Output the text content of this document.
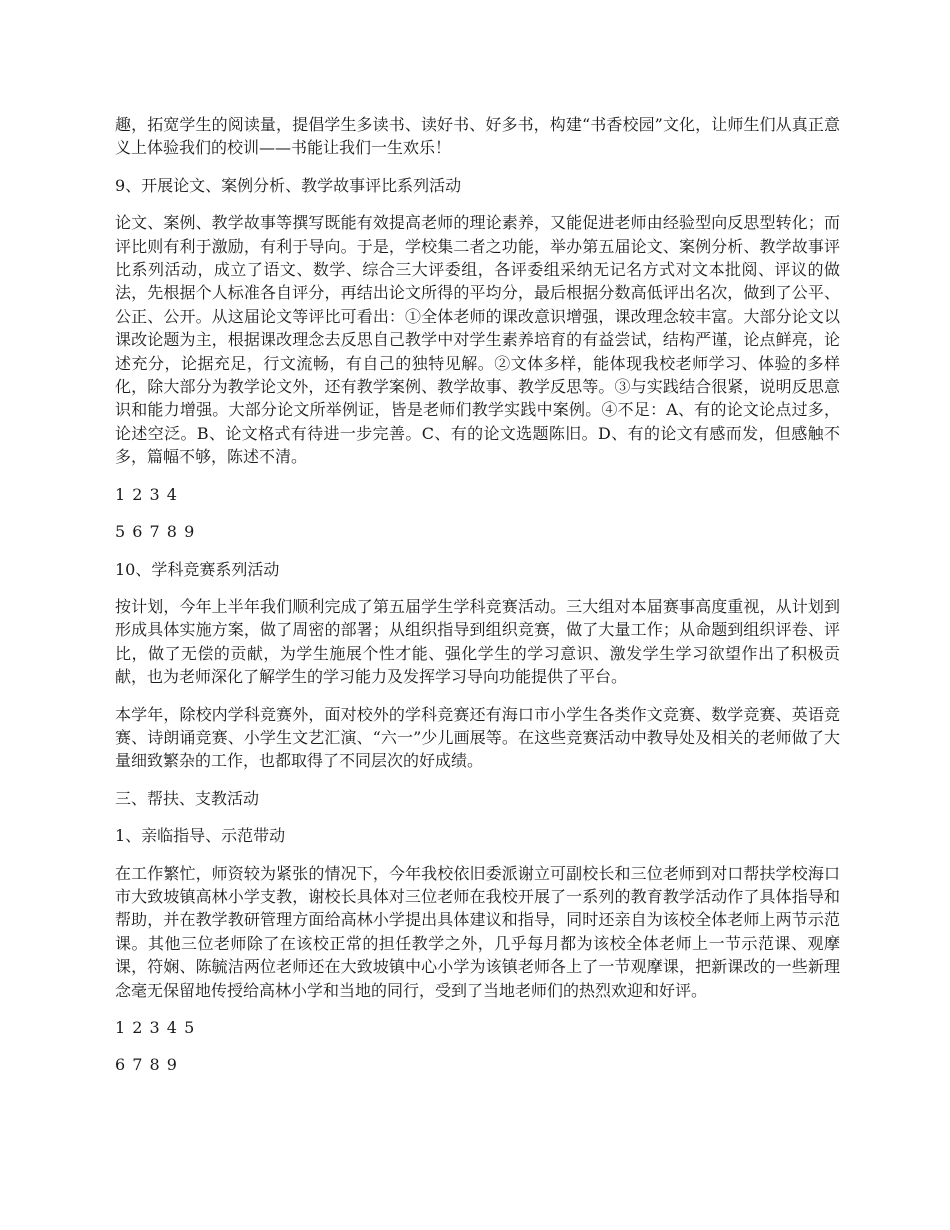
趣，拓宽学生的阅读量，提倡学生多读书、读好书、好多书，构建“书香校园”文化，让师生们从真正意义上体验我们的校训——书能让我们一生欢乐！

9、开展论文、案例分析、教学故事评比系列活动

论文、案例、教学故事等撰写既能有效提高老师的理论素养，又能促进老师由经验型向反思型转化；而评比则有利于激励，有利于导向。于是，学校集二者之功能，举办第五届论文、案例分析、教学故事评比系列活动，成立了语文、数学、综合三大评委组，各评委组采纳无记名方式对文本批阅、评议的做法，先根据个人标准各自评分，再结出论文所得的平均分，最后根据分数高低评出名次，做到了公平、公正、公开。从这届论文等评比可看出：①全体老师的课改意识增强，课改理念较丰富。大部分论文以课改论题为主，根据课改理念去反思自己教学中对学生素养培育的有益尝试，结构严谨，论点鲜亮，论述充分，论据充足，行文流畅，有自己的独特见解。②文体多样，能体现我校老师学习、体验的多样化，除大部分为教学论文外，还有教学案例、教学故事、教学反思等。③与实践结合很紧，说明反思意识和能力增强。大部分论文所举例证，皆是老师们教学实践中案例。④不足：A、有的论文论点过多，论述空泛。B、论文格式有待进一步完善。C、有的论文选题陈旧。D、有的论文有感而发，但感触不多，篇幅不够，陈述不清。

1 2 3 4

5 6 7 8 9

10、学科竞赛系列活动

按计划，今年上半年我们顺利完成了第五届学生学科竞赛活动。三大组对本届赛事高度重视，从计划到形成具体实施方案，做了周密的部署；从组织指导到组织竞赛，做了大量工作；从命题到组织评卷、评比，做了无偿的贡献，为学生施展个性才能、强化学生的学习意识、激发学生学习欲望作出了积极贡献，也为老师深化了解学生的学习能力及发挥学习导向功能提供了平台。

本学年，除校内学科竞赛外，面对校外的学科竞赛还有海口市小学生各类作文竞赛、数学竞赛、英语竞赛、诗朗诵竞赛、小学生文艺汇演、“六一”少儿画展等。在这些竞赛活动中教导处及相关的老师做了大量细致繁杂的工作，也都取得了不同层次的好成绩。

三、帮扶、支教活动

1、亲临指导、示范带动

在工作繁忙，师资较为紧张的情况下，今年我校依旧委派谢立可副校长和三位老师到对口帮扶学校海口市大致坡镇高林小学支教，谢校长具体对三位老师在我校开展了一系列的教育教学活动作了具体指导和帮助，并在教学教研管理方面给高林小学提出具体建议和指导，同时还亲自为该校全体老师上两节示范课。其他三位老师除了在该校正常的担任教学之外，几乎每月都为该校全体老师上一节示范课、观摩课，符娴、陈毓洁两位老师还在大致坡镇中心小学为该镇老师各上了一节观摩课，把新课改的一些新理念毫无保留地传授给高林小学和当地的同行，受到了当地老师们的热烈欢迎和好评。

1 2 3 4 5

6 7 8 9
